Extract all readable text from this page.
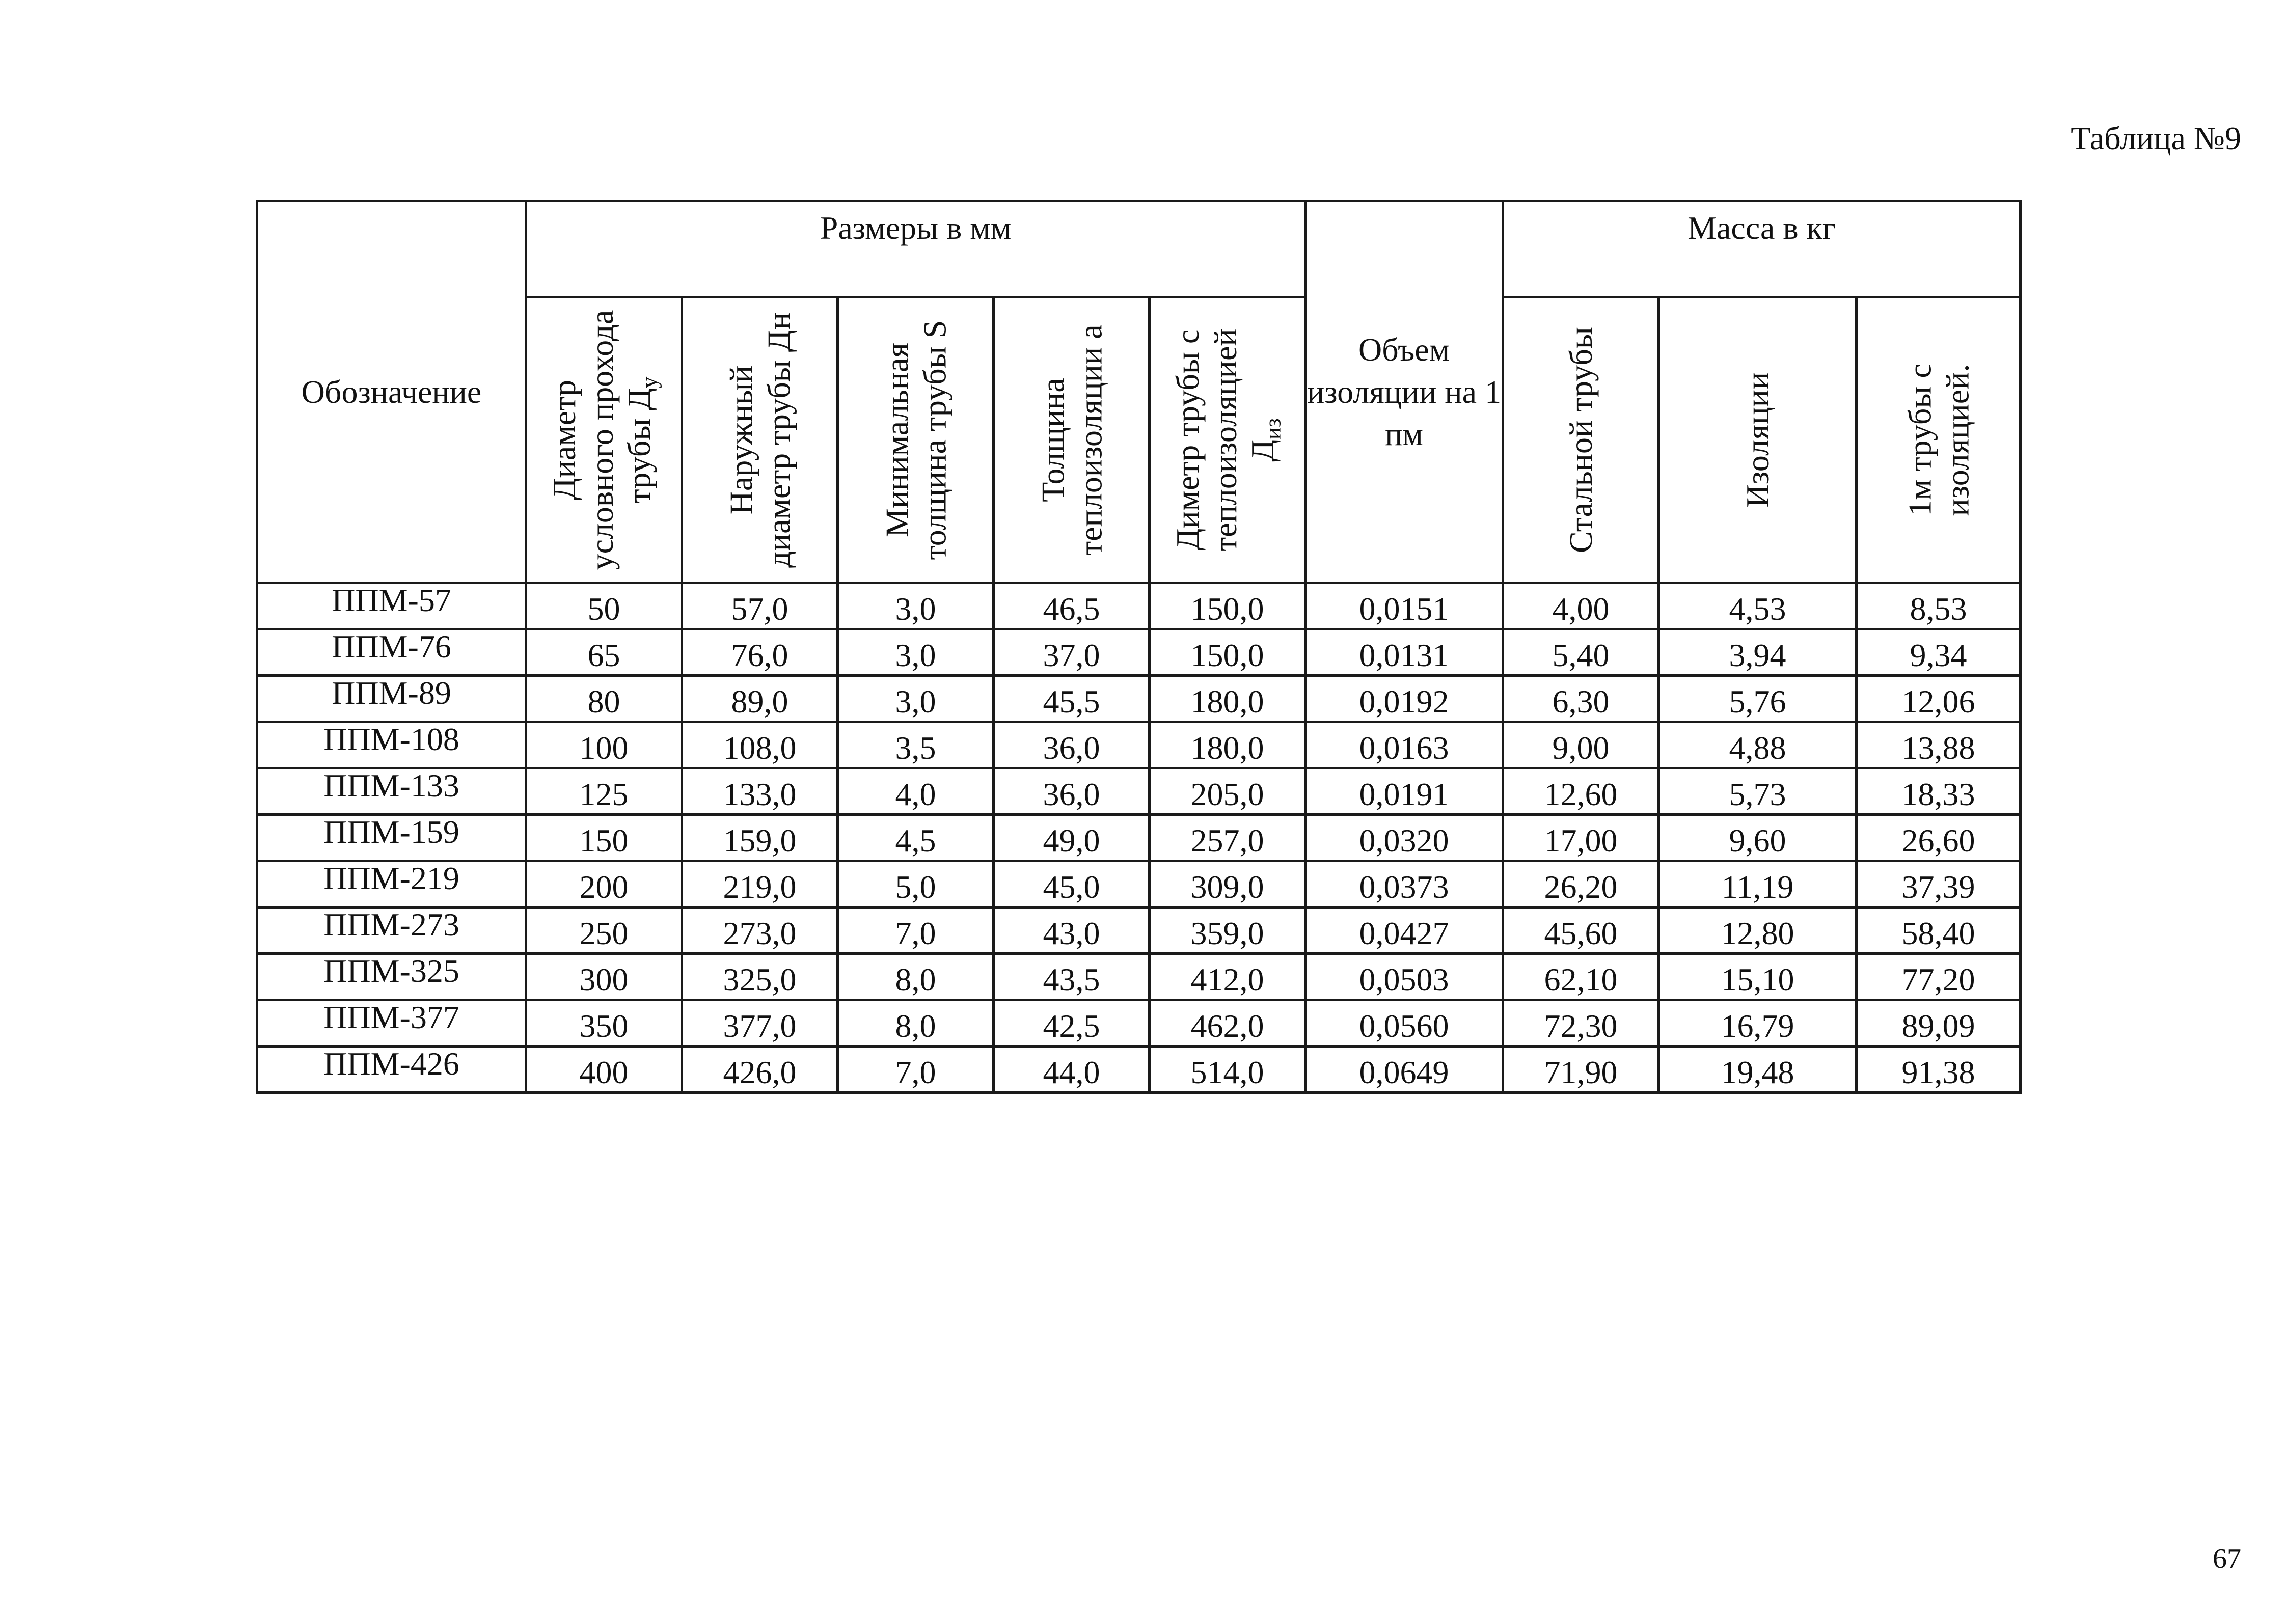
Таблица №9
Обозначение	Размеры в мм					Объем изоляции на 1 пм	Масса в кг		

	Диаметр условного прохода трубы $Д_у$	Наружный диаметр трубы Дн	Минимальная толщина трубы S	Толщина теплоизоляции а	Диметр трубы с теплоизоляцией $Д_{из}$		Стальной трубы	Изоляции	1м трубы с изоляцией.

ППМ-57	50	57,0	3,0	46,5	150,0	0,0151	4,00	4,53	8,53
ППМ-76	65	76,0	3,0	37,0	150,0	0,0131	5,40	3,94	9,34
ППМ-89	80	89,0	3,0	45,5	180,0	0,0192	6,30	5,76	12,06
ППМ-108	100	108,0	3,5	36,0	180,0	0,0163	9,00	4,88	13,88
ППМ-133	125	133,0	4,0	36,0	205,0	0,0191	12,60	5,73	18,33
ППМ-159	150	159,0	4,5	49,0	257,0	0,0320	17,00	9,60	26,60
ППМ-219	200	219,0	5,0	45,0	309,0	0,0373	26,20	11,19	37,39
ППМ-273	250	273,0	7,0	43,0	359,0	0,0427	45,60	12,80	58,40
ППМ-325	300	325,0	8,0	43,5	412,0	0,0503	62,10	15,10	77,20
ППМ-377	350	377,0	8,0	42,5	462,0	0,0560	72,30	16,79	89,09
ППМ-426	400	426,0	7,0	44,0	514,0	0,0649	71,90	19,48	91,38
67
